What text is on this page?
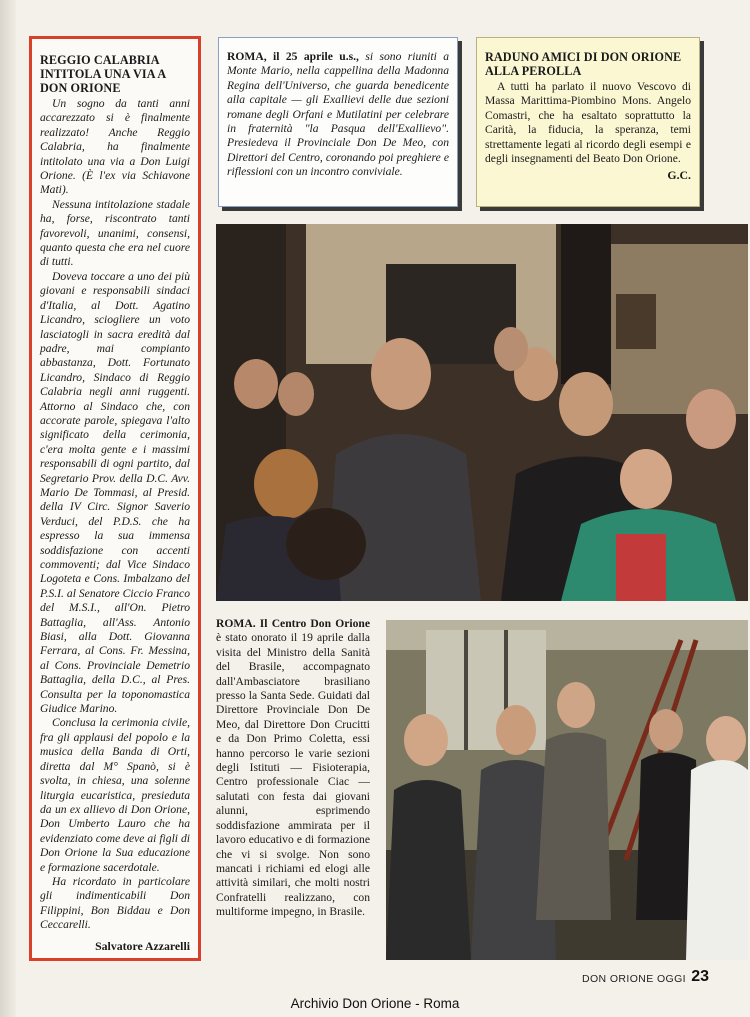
REGGIO CALABRIA INTITOLA UNA VIA A DON ORIONE

Un sogno da tanti anni accarezzato si è finalmente realizzato! Anche Reggio Calabria, ha finalmente intitolato una via a Don Luigi Orione. (È l'ex via Schiavone Mati).

Nessuna intitolazione stadale ha, forse, riscontrato tanti favorevoli, unanimi, consensi, quanto questa che era nel cuore di tutti.

Doveva toccare a uno dei più giovani e responsabili sindaci d'Italia, al Dott. Agatino Licandro, sciogliere un voto lasciatogli in sacra eredità dal padre, mai compianto abbastanza, Dott. Fortunato Licandro, Sindaco di Reggio Calabria negli anni ruggenti. Attorno al Sindaco che, con accorate parole, spiegava l'alto significato della cerimonia, c'era molta gente e i massimi responsabili di ogni partito, dal Segretario Prov. della D.C. Avv. Mario De Tommasi, al Presid. della IV Circ. Signor Saverio Verduci, del P.D.S. che ha espresso la sua immensa soddisfazione con accenti commoventi; dal Vice Sindaco Logoteta e Cons. Imbalzano del P.S.I. al Senatore Ciccio Franco del M.S.I., all'On. Pietro Battaglia, all'Ass. Antonio Biasi, alla Dott. Giovanna Ferrara, al Cons. Fr. Messina, al Cons. Provinciale Demetrio Battaglia, della D.C., al Pres. Consulta per la toponomastica Giudice Marino.

Conclusa la cerimonia civile, fra gli applausi del popolo e la musica della Banda di Orti, diretta dal M° Spanò, si è svolta, in chiesa, una solenne liturgia eucaristica, presieduta da un ex allievo di Don Orione, Don Umberto Lauro che ha evidenziato come deve ai figli di Don Orione la Sua educazione e formazione sacerdotale.

Ha ricordato in particolare gli indimenticabili Don Filippini, Bon Biddau e Don Ceccarelli.

Salvatore Azzarelli
ROMA, il 25 aprile u.s., si sono riuniti a Monte Mario, nella cappellina della Madonna Regina dell'Universo, che guarda benedicente alla capitale — gli Exallievi delle due sezioni romane degli Orfani e Mutilatini per celebrare in fraternità "la Pasqua dell'Exallievo". Presiedeva il Provinciale Don De Meo, con Direttori del Centro, coronando poi preghiere e riflessioni con un incontro conviviale.
RADUNO AMICI DI DON ORIONE ALLA PEROLLA
A tutti ha parlato il nuovo Vescovo di Massa Marittima-Piombino Mons. Angelo Comastri, che ha esaltato soprattutto la Carità, la fiducia, la speranza, temi strettamente legati al ricordo degli esempi e degli insegnamenti del Beato Don Orione.
G.C.
ROMA. Il Centro Don Orione è stato onorato il 19 aprile dalla visita del Ministro della Sanità del Brasile, accompagnato dall'Ambasciatore brasiliano presso la Santa Sede. Guidati dal Direttore Provinciale Don De Meo, dal Direttore Don Crucitti e da Don Primo Coletta, essi hanno percorso le varie sezioni degli Istituti — Fisioterapia, Centro professionale Ciac — salutati con festa dai giovani alunni, esprimendo soddisfazione ammirata per il lavoro educativo e di formazione che vi si svolge. Non sono mancati i richiami ed elogi alle attività similari, che molti nostri Confratelli realizzano, con multiforme impegno, in Brasile.
DON ORIONE OGGI 23
Archivio Don Orione - Roma
